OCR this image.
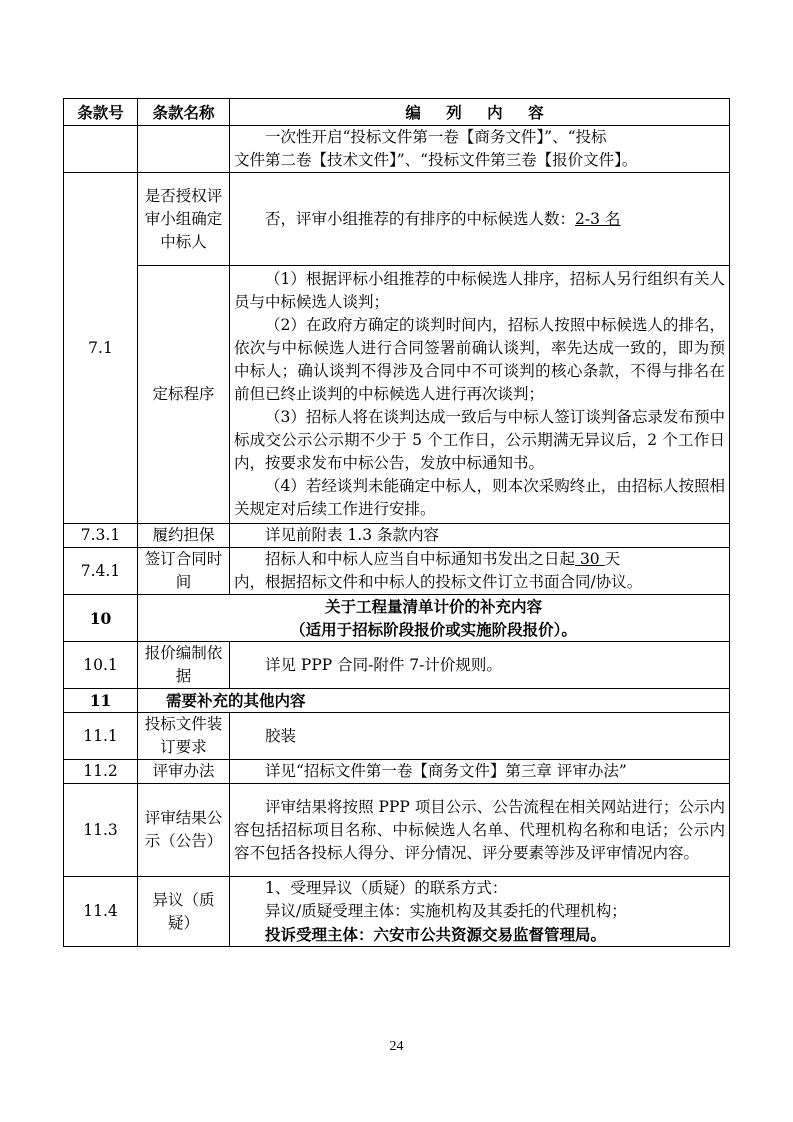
条款号	条款名称	编 列 内 容

		一次性开启“投标文件第一卷【商务文件】”、“投标
文件第二卷【技术文件】”、“投标文件第三卷【报价文件】。

7.1	是否授权评审小组确定中标人	否，评审小组推荐的有排序的中标候选人数：2-3 名
	定标程序	（1）根据评标小组推荐的中标候选人排序，招标人另行组织有关人员与中标候选人谈判；
（2）在政府方确定的谈判时间内，招标人按照中标候选人的排名，依次与中标候选人进行合同签署前确认谈判，率先达成一致的，即为预中标人；确认谈判不得涉及合同中不可谈判的核心条款，不得与排名在前但已终止谈判的中标候选人进行再次谈判；
（3）招标人将在谈判达成一致后与中标人签订谈判备忘录发布预中标成交公示公示期不少于 5 个工作日，公示期满无异议后，2 个工作日内，按要求发布中标公告，发放中标通知书。
（4）若经谈判未能确定中标人，则本次采购终止，由招标人按照相关规定对后续工作进行安排。

7.3.1	履约担保	详见前附表 1.3 条款内容
7.4.1	签订合同时间	招标人和中标人应当自中标通知书发出之日起 30 天
内，根据招标文件和中标人的投标文件订立书面合同/协议。

10	关于工程量清单计价的补充内容
（适用于招标阶段报价或实施阶段报价）。	

10.1	报价编制依据	详见 PPP 合同-附件 7-计价规则。
11	需要补充的其他内容	
11.1	投标文件装订要求	胶装
11.2	评审办法	详见“招标文件第一卷【商务文件】第三章 评审办法”
11.3	评审结果公示（公告）	评审结果将按照 PPP 项目公示、公告流程在相关网站进行；公示内容包括招标项目名称、中标候选人名单、代理机构名称和电话；公示内容不包括各投标人得分、评分情况、评分要素等涉及评审情况内容。
11.4	异议（质疑）	1、受理异议（质疑）的联系方式：
异议/质疑受理主体：实施机构及其委托的代理机构；
投诉受理主体：六安市公共资源交易监督管理局。
24
